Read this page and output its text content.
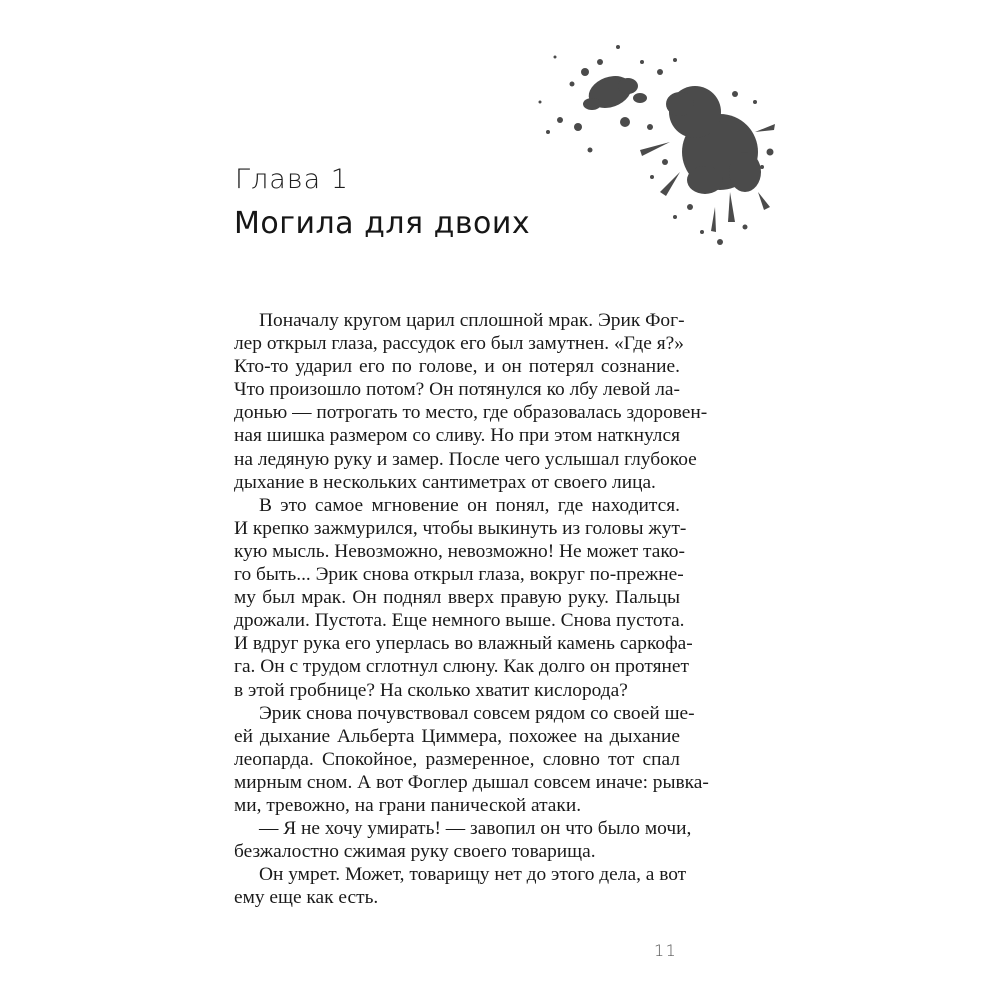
Глава 1
Могила для двоих

Поначалу кругом царил сплошной мрак. Эрик Фог-
лер открыл глаза, рассудок его был замутнен. «Где я?»
Кто-то ударил его по голове, и он потерял сознание.
Что произошло потом? Он потянулся ко лбу левой ла-
донью — потрогать то место, где образовалась здоровен-
ная шишка размером со сливу. Но при этом наткнулся
на ледяную руку и замер. После чего услышал глубокое
дыхание в нескольких сантиметрах от своего лица.
В это самое мгновение он понял, где находится.
И крепко зажмурился, чтобы выкинуть из головы жут-
кую мысль. Невозможно, невозможно! Не может тако-
го быть... Эрик снова открыл глаза, вокруг по-прежне-
му был мрак. Он поднял вверх правую руку. Пальцы
дрожали. Пустота. Еще немного выше. Снова пустота.
И вдруг рука его уперлась во влажный камень саркофа-
га. Он с трудом сглотнул слюну. Как долго он протянет
в этой гробнице? На сколько хватит кислорода?
Эрик снова почувствовал совсем рядом со своей ше-
ей дыхание Альберта Циммера, похожее на дыхание
леопарда. Спокойное, размеренное, словно тот спал
мирным сном. А вот Фоглер дышал совсем иначе: рывка-
ми, тревожно, на грани панической атаки.
— Я не хочу умирать! — завопил он что было мочи,
безжалостно сжимая руку своего товарища.
Он умрет. Может, товарищу нет до этого дела, а вот
ему еще как есть.

11
